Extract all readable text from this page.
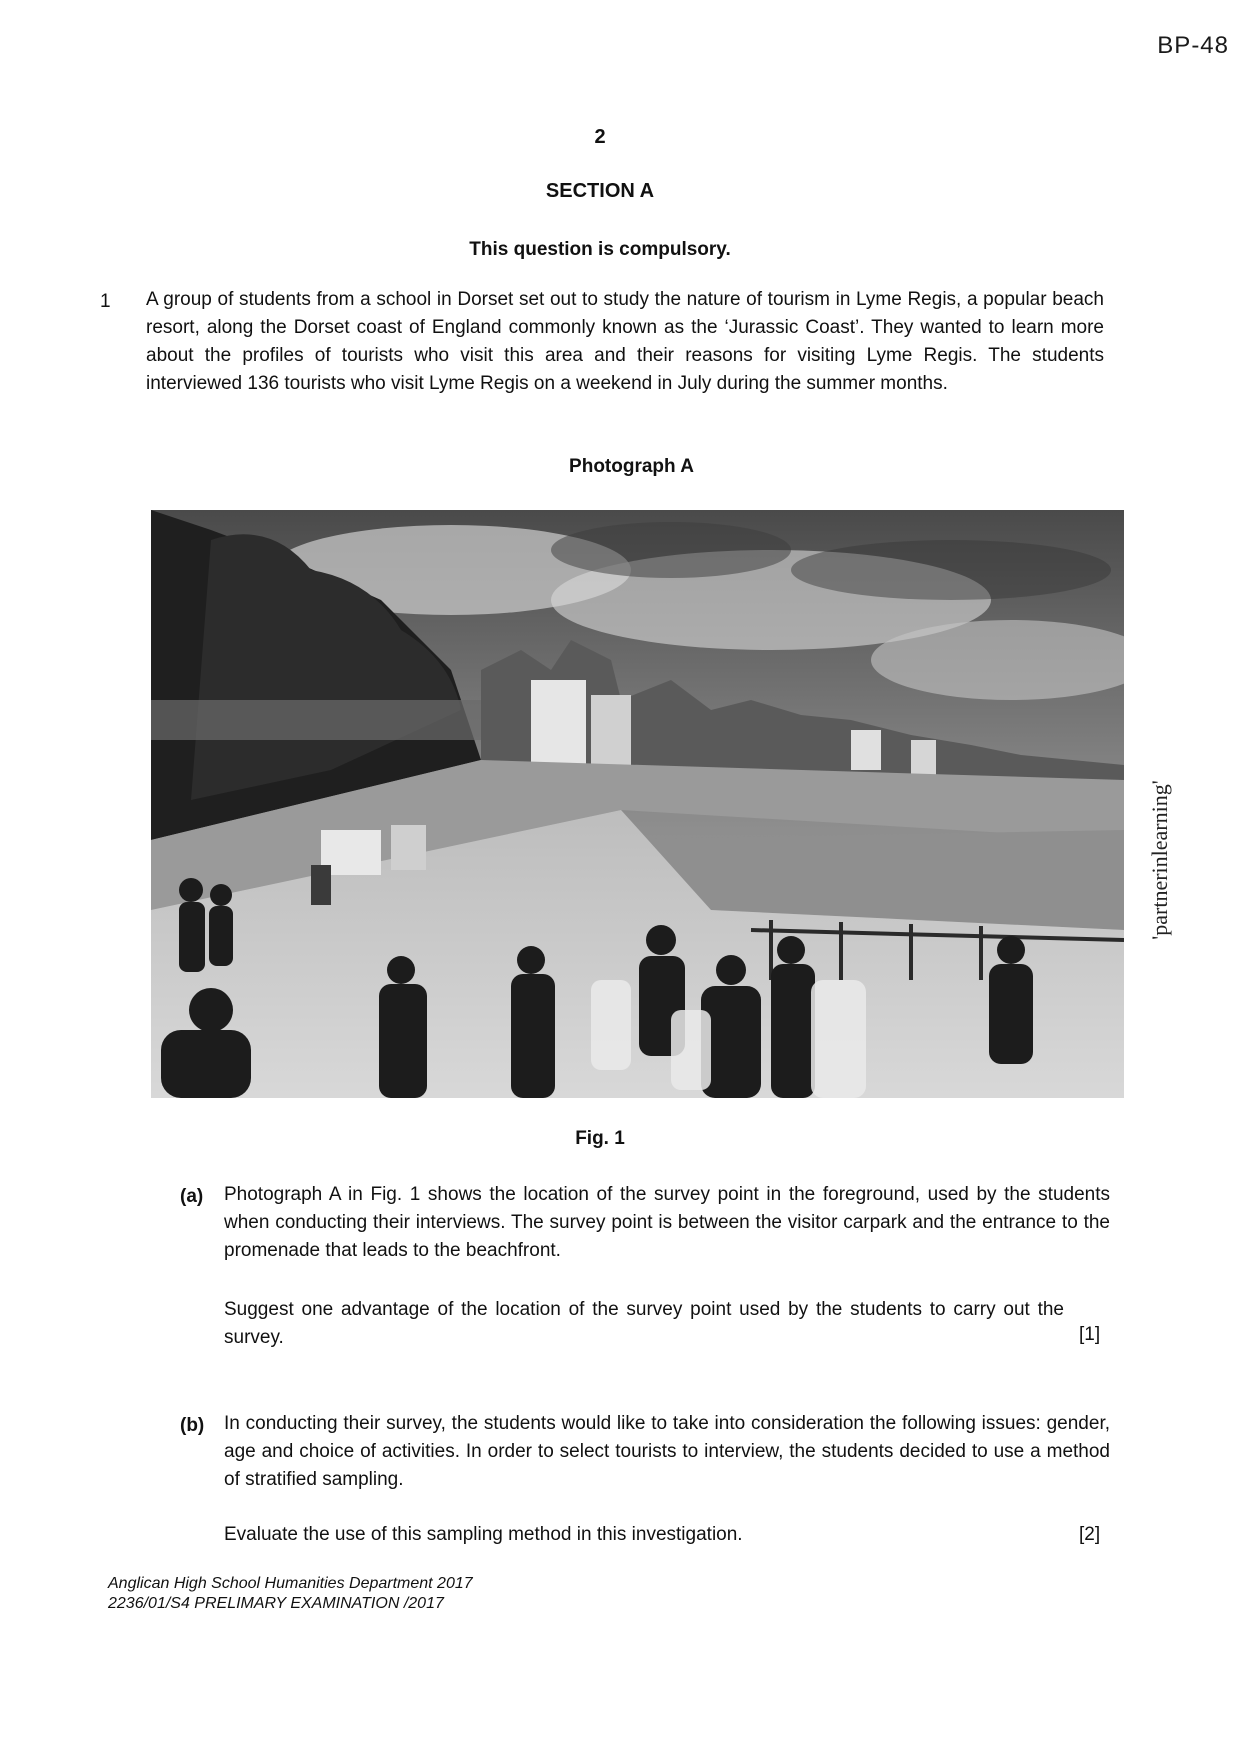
BP-48
2
SECTION A
This question is compulsory.
1 A group of students from a school in Dorset set out to study the nature of tourism in Lyme Regis, a popular beach resort, along the Dorset coast of England commonly known as the ‘Jurassic Coast’. They wanted to learn more about the profiles of tourists who visit this area and their reasons for visiting Lyme Regis. The students interviewed 136 tourists who visit Lyme Regis on a weekend in July during the summer months.
Photograph A
Fig. 1
(a) Photograph A in Fig. 1 shows the location of the survey point in the foreground, used by the students when conducting their interviews. The survey point is between the visitor carpark and the entrance to the promenade that leads to the beachfront.
Suggest one advantage of the location of the survey point used by the students to carry out the survey.	[1]
(b) In conducting their survey, the students would like to take into consideration the following issues: gender, age and choice of activities. In order to select tourists to interview, the students decided to use a method of stratified sampling.
Evaluate the use of this sampling method in this investigation.	[2]
Anglican High School Humanities Department 2017
2236/01/S4 PRELIMARY EXAMINATION /2017
'partnerinlearning'
